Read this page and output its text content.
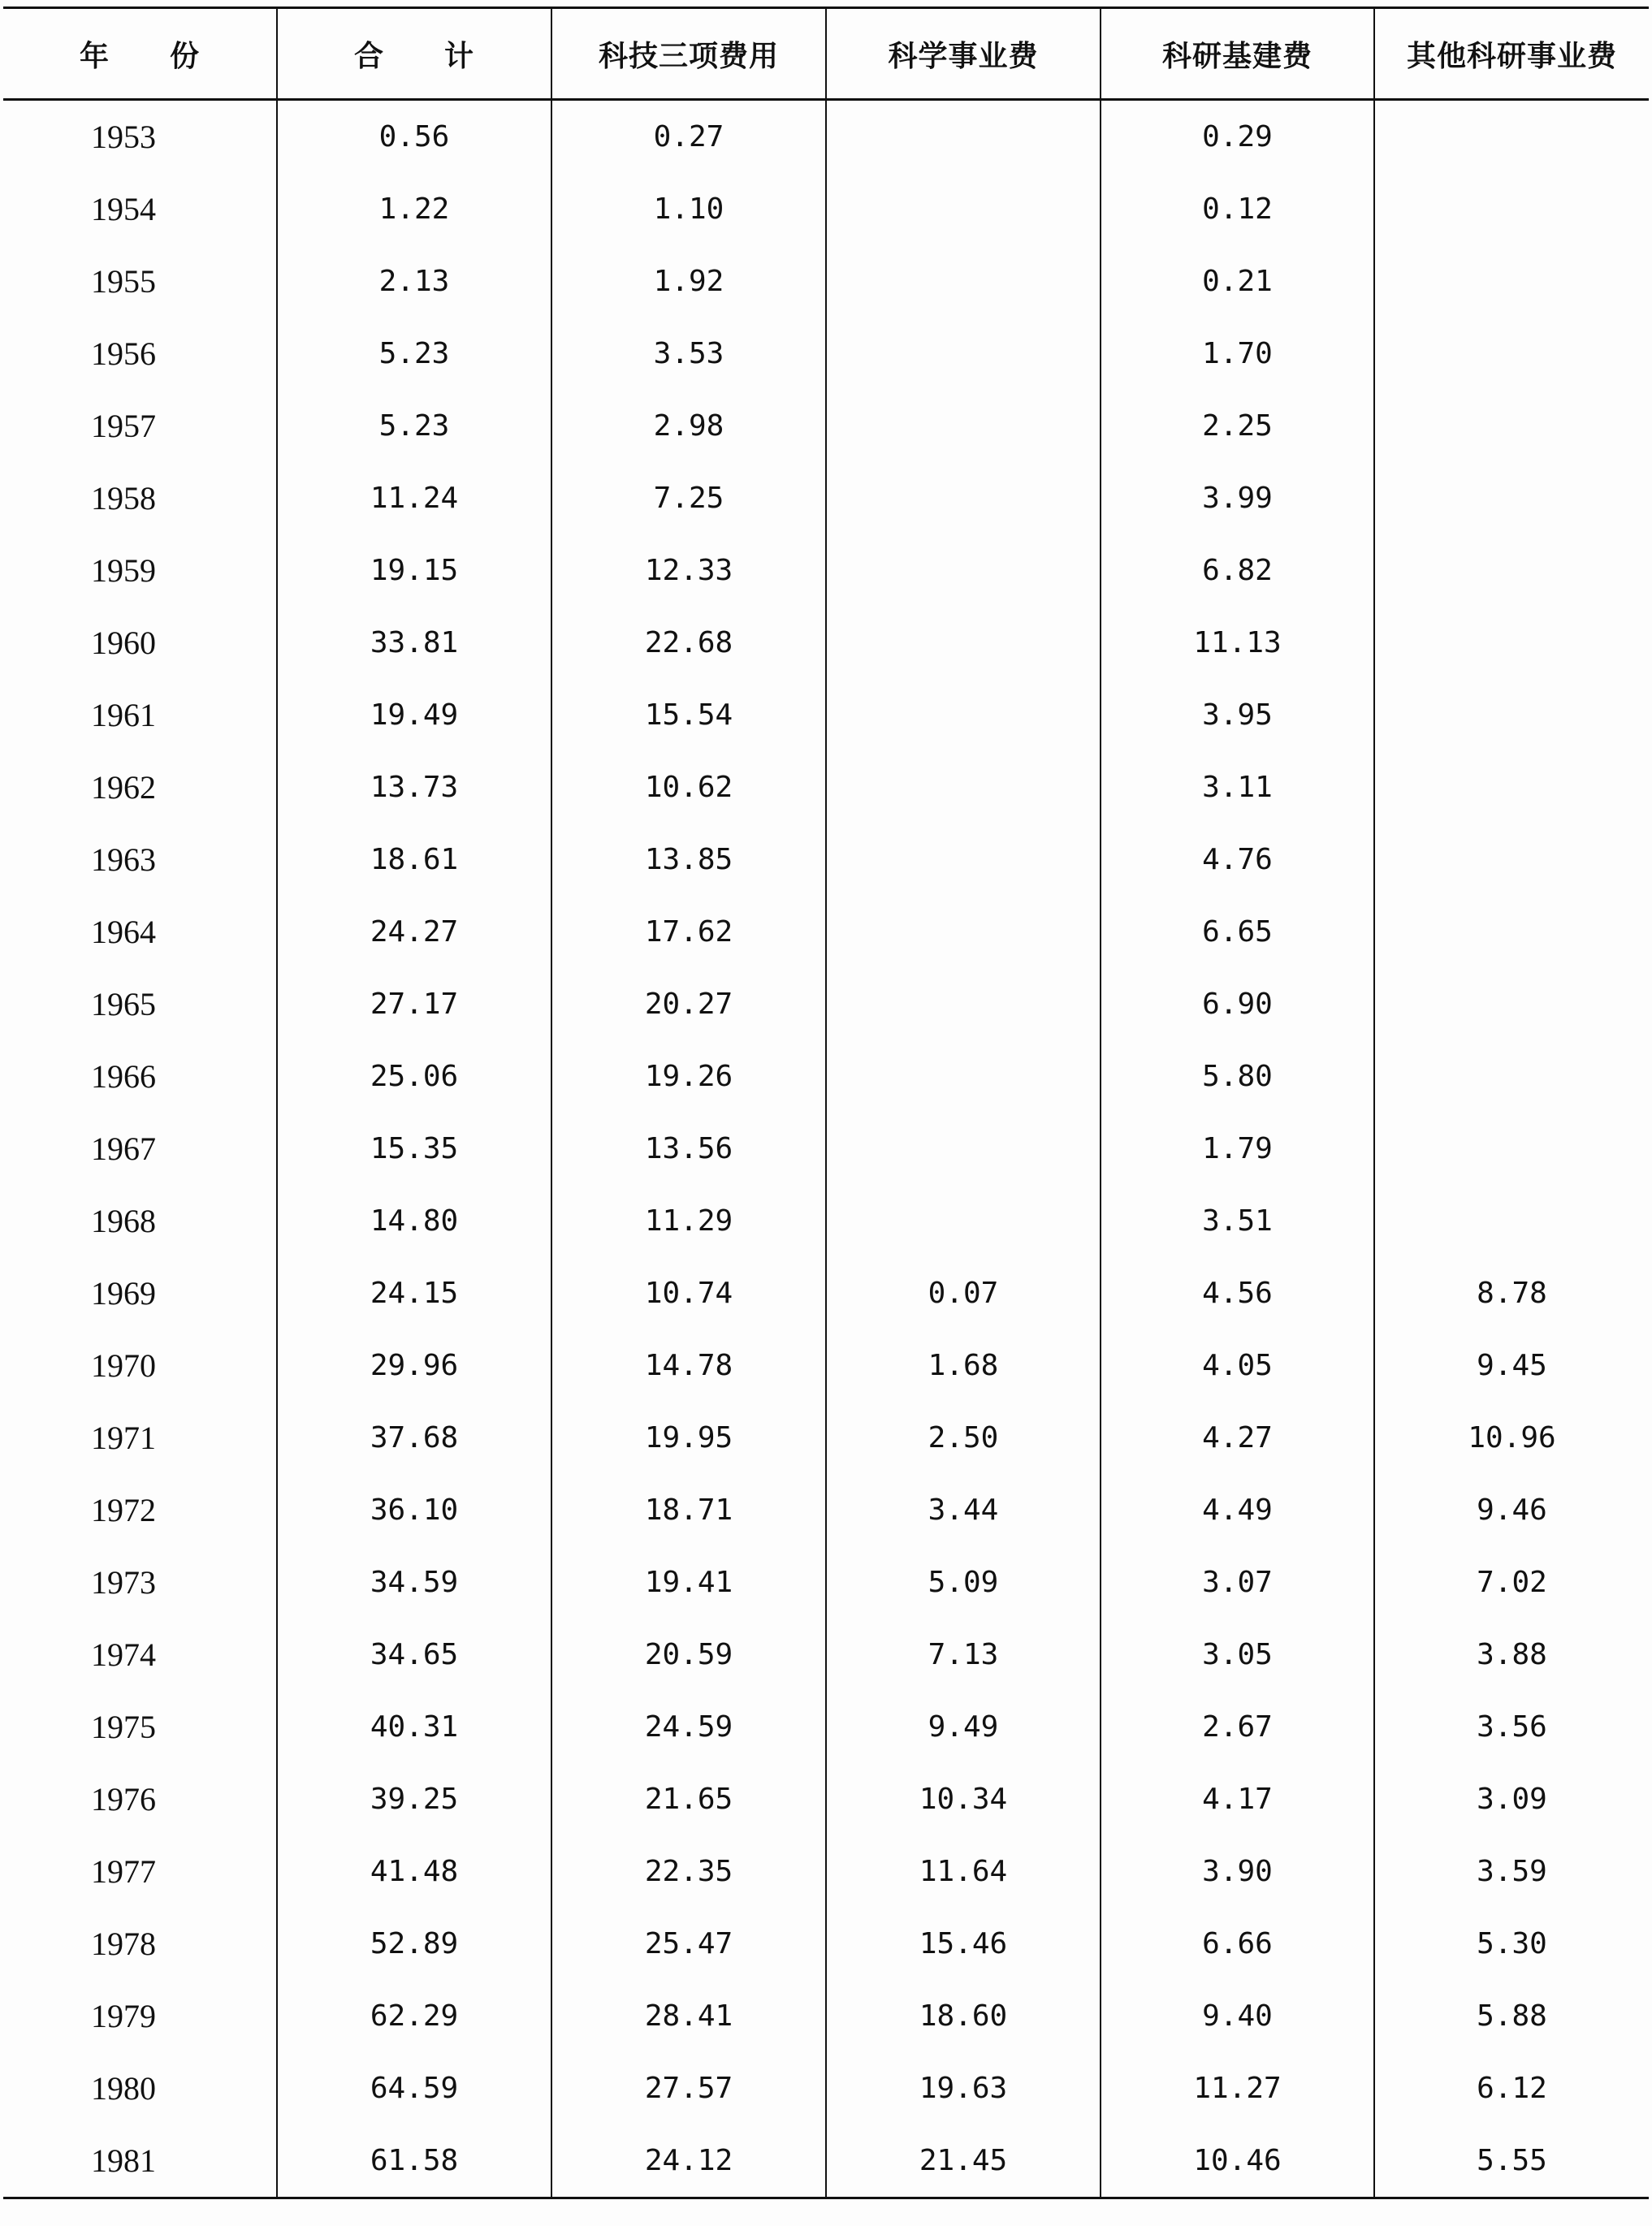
年　　份	合　　计	科技三项费用	科学事业费	科研基建费	其他科研事业费
1953	0.56	0.27		0.29	
1954	1.22	1.10		0.12	
1955	2.13	1.92		0.21	
1956	5.23	3.53		1.70	
1957	5.23	2.98		2.25	
1958	11.24	7.25		3.99	
1959	19.15	12.33		6.82	
1960	33.81	22.68		11.13	
1961	19.49	15.54		3.95	
1962	13.73	10.62		3.11	
1963	18.61	13.85		4.76	
1964	24.27	17.62		6.65	
1965	27.17	20.27		6.90	
1966	25.06	19.26		5.80	
1967	15.35	13.56		1.79	
1968	14.80	11.29		3.51	
1969	24.15	10.74	0.07	4.56	8.78
1970	29.96	14.78	1.68	4.05	9.45
1971	37.68	19.95	2.50	4.27	10.96
1972	36.10	18.71	3.44	4.49	9.46
1973	34.59	19.41	5.09	3.07	7.02
1974	34.65	20.59	7.13	3.05	3.88
1975	40.31	24.59	9.49	2.67	3.56
1976	39.25	21.65	10.34	4.17	3.09
1977	41.48	22.35	11.64	3.90	3.59
1978	52.89	25.47	15.46	6.66	5.30
1979	62.29	28.41	18.60	9.40	5.88
1980	64.59	27.57	19.63	11.27	6.12
1981	61.58	24.12	21.45	10.46	5.55
